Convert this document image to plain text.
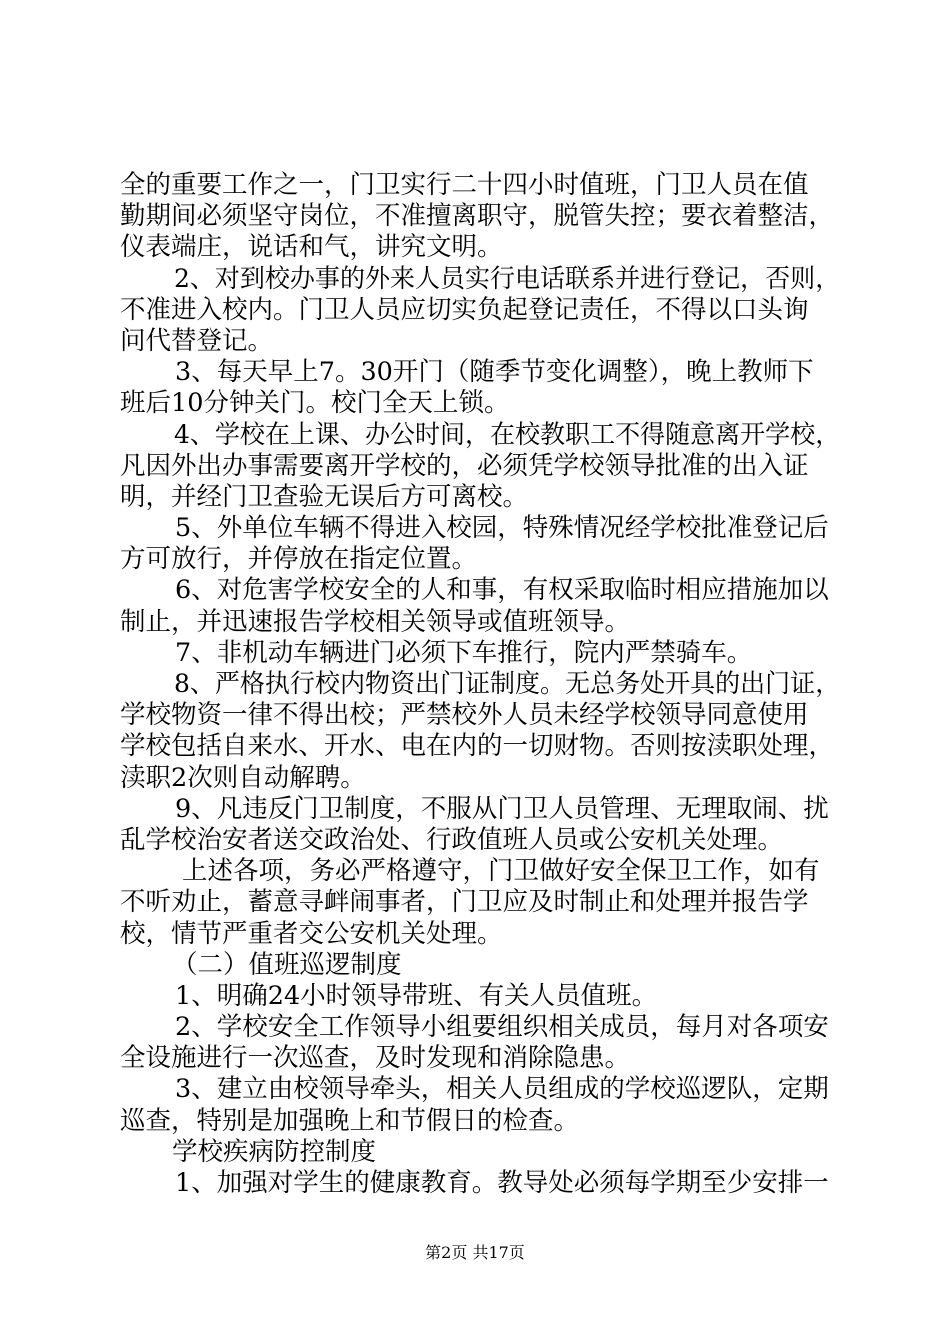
全的重要工作之一，门卫实行二十四小时值班，门卫人员在值
勤期间必须坚守岗位，不准擅离职守，脱管失控；要衣着整洁，
仪表端庄，说话和气，讲究文明。
2、对到校办事的外来人员实行电话联系并进行登记，否则，
不准进入校内。门卫人员应切实负起登记责任，不得以口头询
问代替登记。
3、每天早上7。30开门（随季节变化调整），晚上教师下
班后10分钟关门。校门全天上锁。
4、学校在上课、办公时间，在校教职工不得随意离开学校，
凡因外出办事需要离开学校的，必须凭学校领导批准的出入证
明，并经门卫查验无误后方可离校。
5、外单位车辆不得进入校园，特殊情况经学校批准登记后
方可放行，并停放在指定位置。
6、对危害学校安全的人和事，有权采取临时相应措施加以
制止，并迅速报告学校相关领导或值班领导。
7、非机动车辆进门必须下车推行，院内严禁骑车。
8、严格执行校内物资出门证制度。无总务处开具的出门证，
学校物资一律不得出校；严禁校外人员未经学校领导同意使用
学校包括自来水、开水、电在内的一切财物。否则按渎职处理，
渎职2次则自动解聘。
9、凡违反门卫制度，不服从门卫人员管理、无理取闹、扰
乱学校治安者送交政治处、行政值班人员或公安机关处理。
上述各项，务必严格遵守，门卫做好安全保卫工作，如有
不听劝止，蓄意寻衅闹事者，门卫应及时制止和处理并报告学
校，情节严重者交公安机关处理。
（二）值班巡逻制度
1、明确24小时领导带班、有关人员值班。
2、学校安全工作领导小组要组织相关成员，每月对各项安
全设施进行一次巡查，及时发现和消除隐患。
3、建立由校领导牵头，相关人员组成的学校巡逻队，定期
巡查，特别是加强晚上和节假日的检查。
学校疾病防控制度
1、加强对学生的健康教育。教导处必须每学期至少安排一
第2页 共17页
